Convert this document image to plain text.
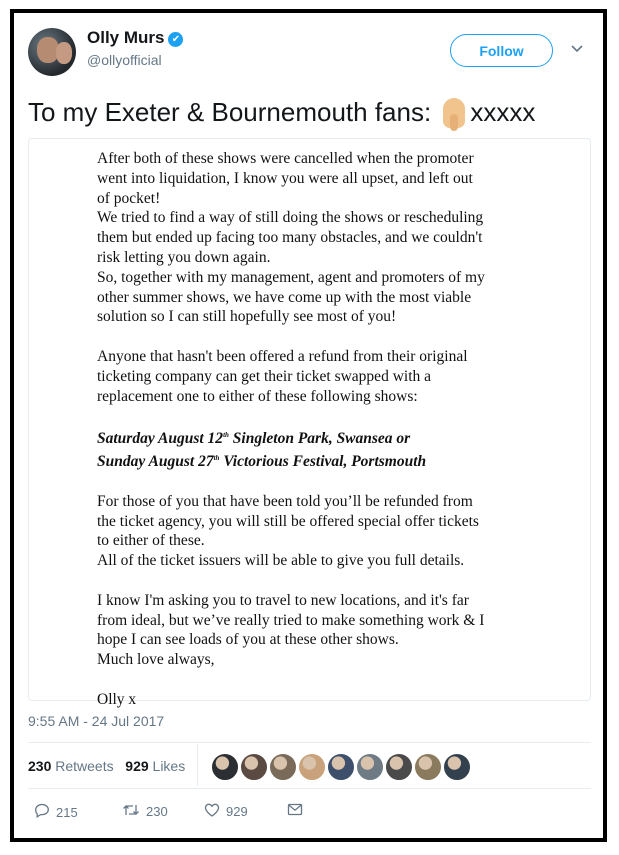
Olly Murs ✔
@ollyofficial
Follow
To my Exeter & Bournemouth fans: xxxxx

After both of these shows were cancelled when the promoter

went into liquidation, I know you were all upset, and left out

of pocket!

We tried to find a way of still doing the shows or rescheduling

them but ended up facing too many obstacles, and we couldn't

risk letting you down again.

So, together with my management, agent and promoters of my

other summer shows, we have come up with the most viable

solution so I can still hopefully see most of you!

Anyone that hasn't been offered a refund from their original

ticketing company can get their ticket swapped with a

replacement one to either of these following shows:

Saturday August 12th Singleton Park, Swansea or

Sunday August 27th Victorious Festival, Portsmouth

For those of you that have been told you’ll be refunded from

the ticket agency, you will still be offered special offer tickets

to either of these.

All of the ticket issuers will be able to give you full details.

I know I'm asking you to travel to new locations, and it's far

from ideal, but we’ve really tried to make something work & I

hope I can see loads of you at these other shows.

Much love always,

Olly x

9:55 AM - 24 Jul 2017
230 Retweets 929 Likes
215	230	929
